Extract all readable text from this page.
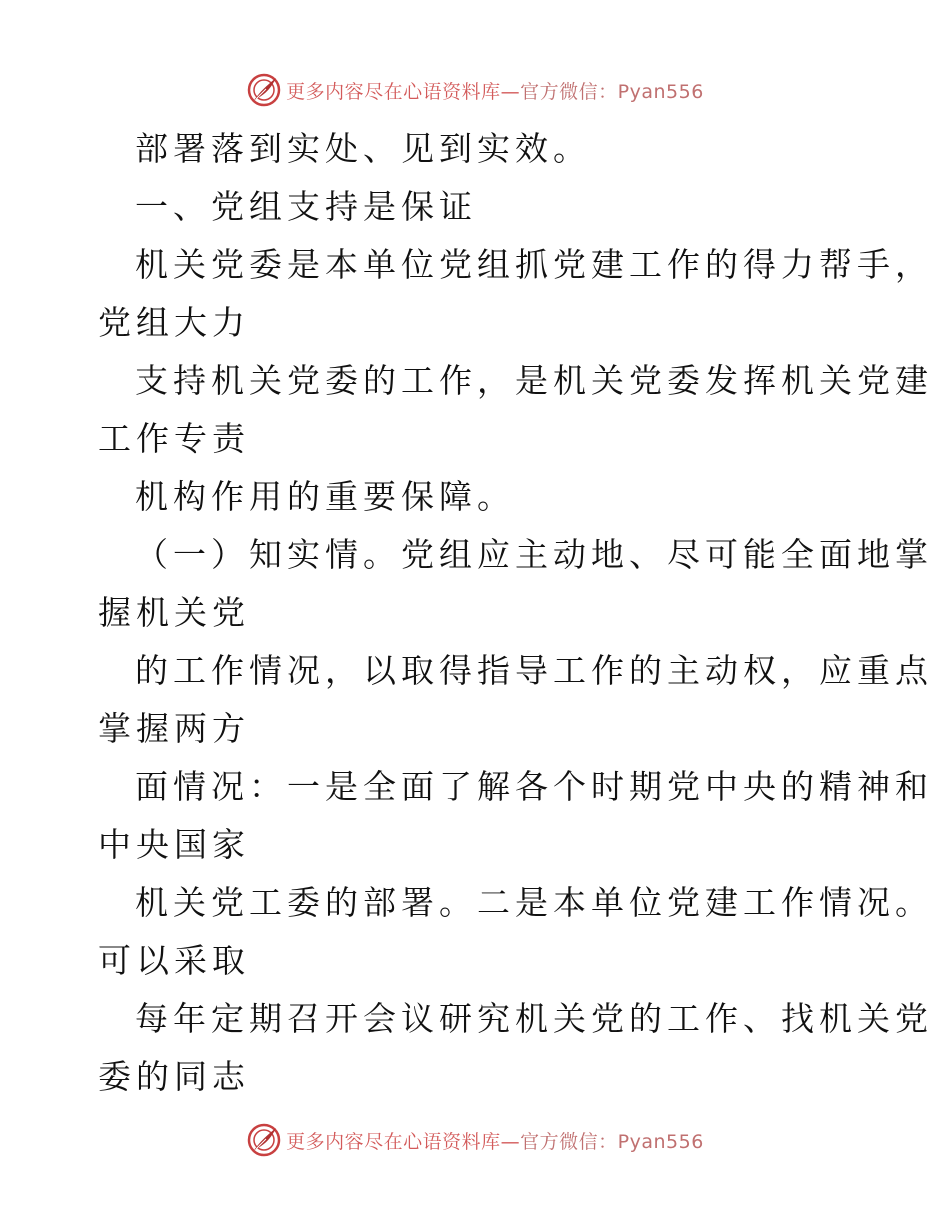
更多内容尽在心语资料库— 官方微信：Pyan556
部署落到实处、见到实效。
一、党组支持是保证
机关党委是本单位党组抓党建工作的得力帮手，
党组大力
支持机关党委的工作，是机关党委发挥机关党建
工作专责
机构作用的重要保障。
（一）知实情。党组应主动地、尽可能全面地掌
握机关党
的工作情况，以取得指导工作的主动权，应重点
掌握两方
面情况：一是全面了解各个时期党中央的精神和
中央国家
机关党工委的部署。二是本单位党建工作情况。
可以采取
每年定期召开会议研究机关党的工作、找机关党
委的同志
更多内容尽在心语资料库— 官方微信：Pyan556
